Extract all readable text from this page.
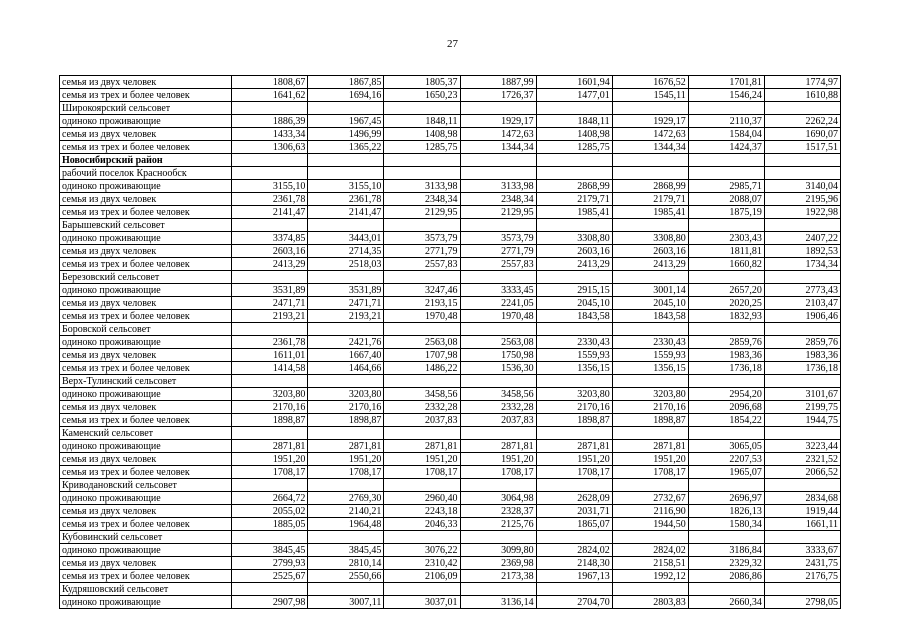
27
семья из двух человек	1808,67	1867,85	1805,37	1887,99	1601,94	1676,52	1701,81	1774,97
семья из трех и более человек	1641,62	1694,16	1650,23	1726,37	1477,01	1545,11	1546,24	1610,88
Широкоярский сельсовет								
одиноко проживающие	1886,39	1967,45	1848,11	1929,17	1848,11	1929,17	2110,37	2262,24
семья из двух человек	1433,34	1496,99	1408,98	1472,63	1408,98	1472,63	1584,04	1690,07
семья из трех и более человек	1306,63	1365,22	1285,75	1344,34	1285,75	1344,34	1424,37	1517,51
Новосибирский район								
рабочий поселок Краснообск								
одиноко проживающие	3155,10	3155,10	3133,98	3133,98	2868,99	2868,99	2985,71	3140,04
семья из двух человек	2361,78	2361,78	2348,34	2348,34	2179,71	2179,71	2088,07	2195,96
семья из трех и более человек	2141,47	2141,47	2129,95	2129,95	1985,41	1985,41	1875,19	1922,98
Барышевский сельсовет								
одиноко проживающие	3374,85	3443,01	3573,79	3573,79	3308,80	3308,80	2303,43	2407,22
семья из двух человек	2603,16	2714,35	2771,79	2771,79	2603,16	2603,16	1811,81	1892,53
семья из трех и более человек	2413,29	2518,03	2557,83	2557,83	2413,29	2413,29	1660,82	1734,34
Березовский сельсовет								
одиноко проживающие	3531,89	3531,89	3247,46	3333,45	2915,15	3001,14	2657,20	2773,43
семья из двух человек	2471,71	2471,71	2193,15	2241,05	2045,10	2045,10	2020,25	2103,47
семья из трех и более человек	2193,21	2193,21	1970,48	1970,48	1843,58	1843,58	1832,93	1906,46
Боровской сельсовет								
одиноко проживающие	2361,78	2421,76	2563,08	2563,08	2330,43	2330,43	2859,76	2859,76
семья из двух человек	1611,01	1667,40	1707,98	1750,98	1559,93	1559,93	1983,36	1983,36
семья из трех и более человек	1414,58	1464,66	1486,22	1536,30	1356,15	1356,15	1736,18	1736,18
Верх-Тулинский сельсовет								
одиноко проживающие	3203,80	3203,80	3458,56	3458,56	3203,80	3203,80	2954,20	3101,67
семья из двух человек	2170,16	2170,16	2332,28	2332,28	2170,16	2170,16	2096,68	2199,75
семья из трех и более человек	1898,87	1898,87	2037,83	2037,83	1898,87	1898,87	1854,22	1944,75
Каменский сельсовет								
одиноко проживающие	2871,81	2871,81	2871,81	2871,81	2871,81	2871,81	3065,05	3223,44
семья из двух человек	1951,20	1951,20	1951,20	1951,20	1951,20	1951,20	2207,53	2321,52
семья из трех и более человек	1708,17	1708,17	1708,17	1708,17	1708,17	1708,17	1965,07	2066,52
Криводановский сельсовет								
одиноко проживающие	2664,72	2769,30	2960,40	3064,98	2628,09	2732,67	2696,97	2834,68
семья из двух человек	2055,02	2140,21	2243,18	2328,37	2031,71	2116,90	1826,13	1919,44
семья из трех и более человек	1885,05	1964,48	2046,33	2125,76	1865,07	1944,50	1580,34	1661,11
Кубовинский сельсовет								
одиноко проживающие	3845,45	3845,45	3076,22	3099,80	2824,02	2824,02	3186,84	3333,67
семья из двух человек	2799,93	2810,14	2310,42	2369,98	2148,30	2158,51	2329,32	2431,75
семья из трех и более человек	2525,67	2550,66	2106,09	2173,38	1967,13	1992,12	2086,86	2176,75
Кудряшовский сельсовет								
одиноко проживающие	2907,98	3007,11	3037,01	3136,14	2704,70	2803,83	2660,34	2798,05
